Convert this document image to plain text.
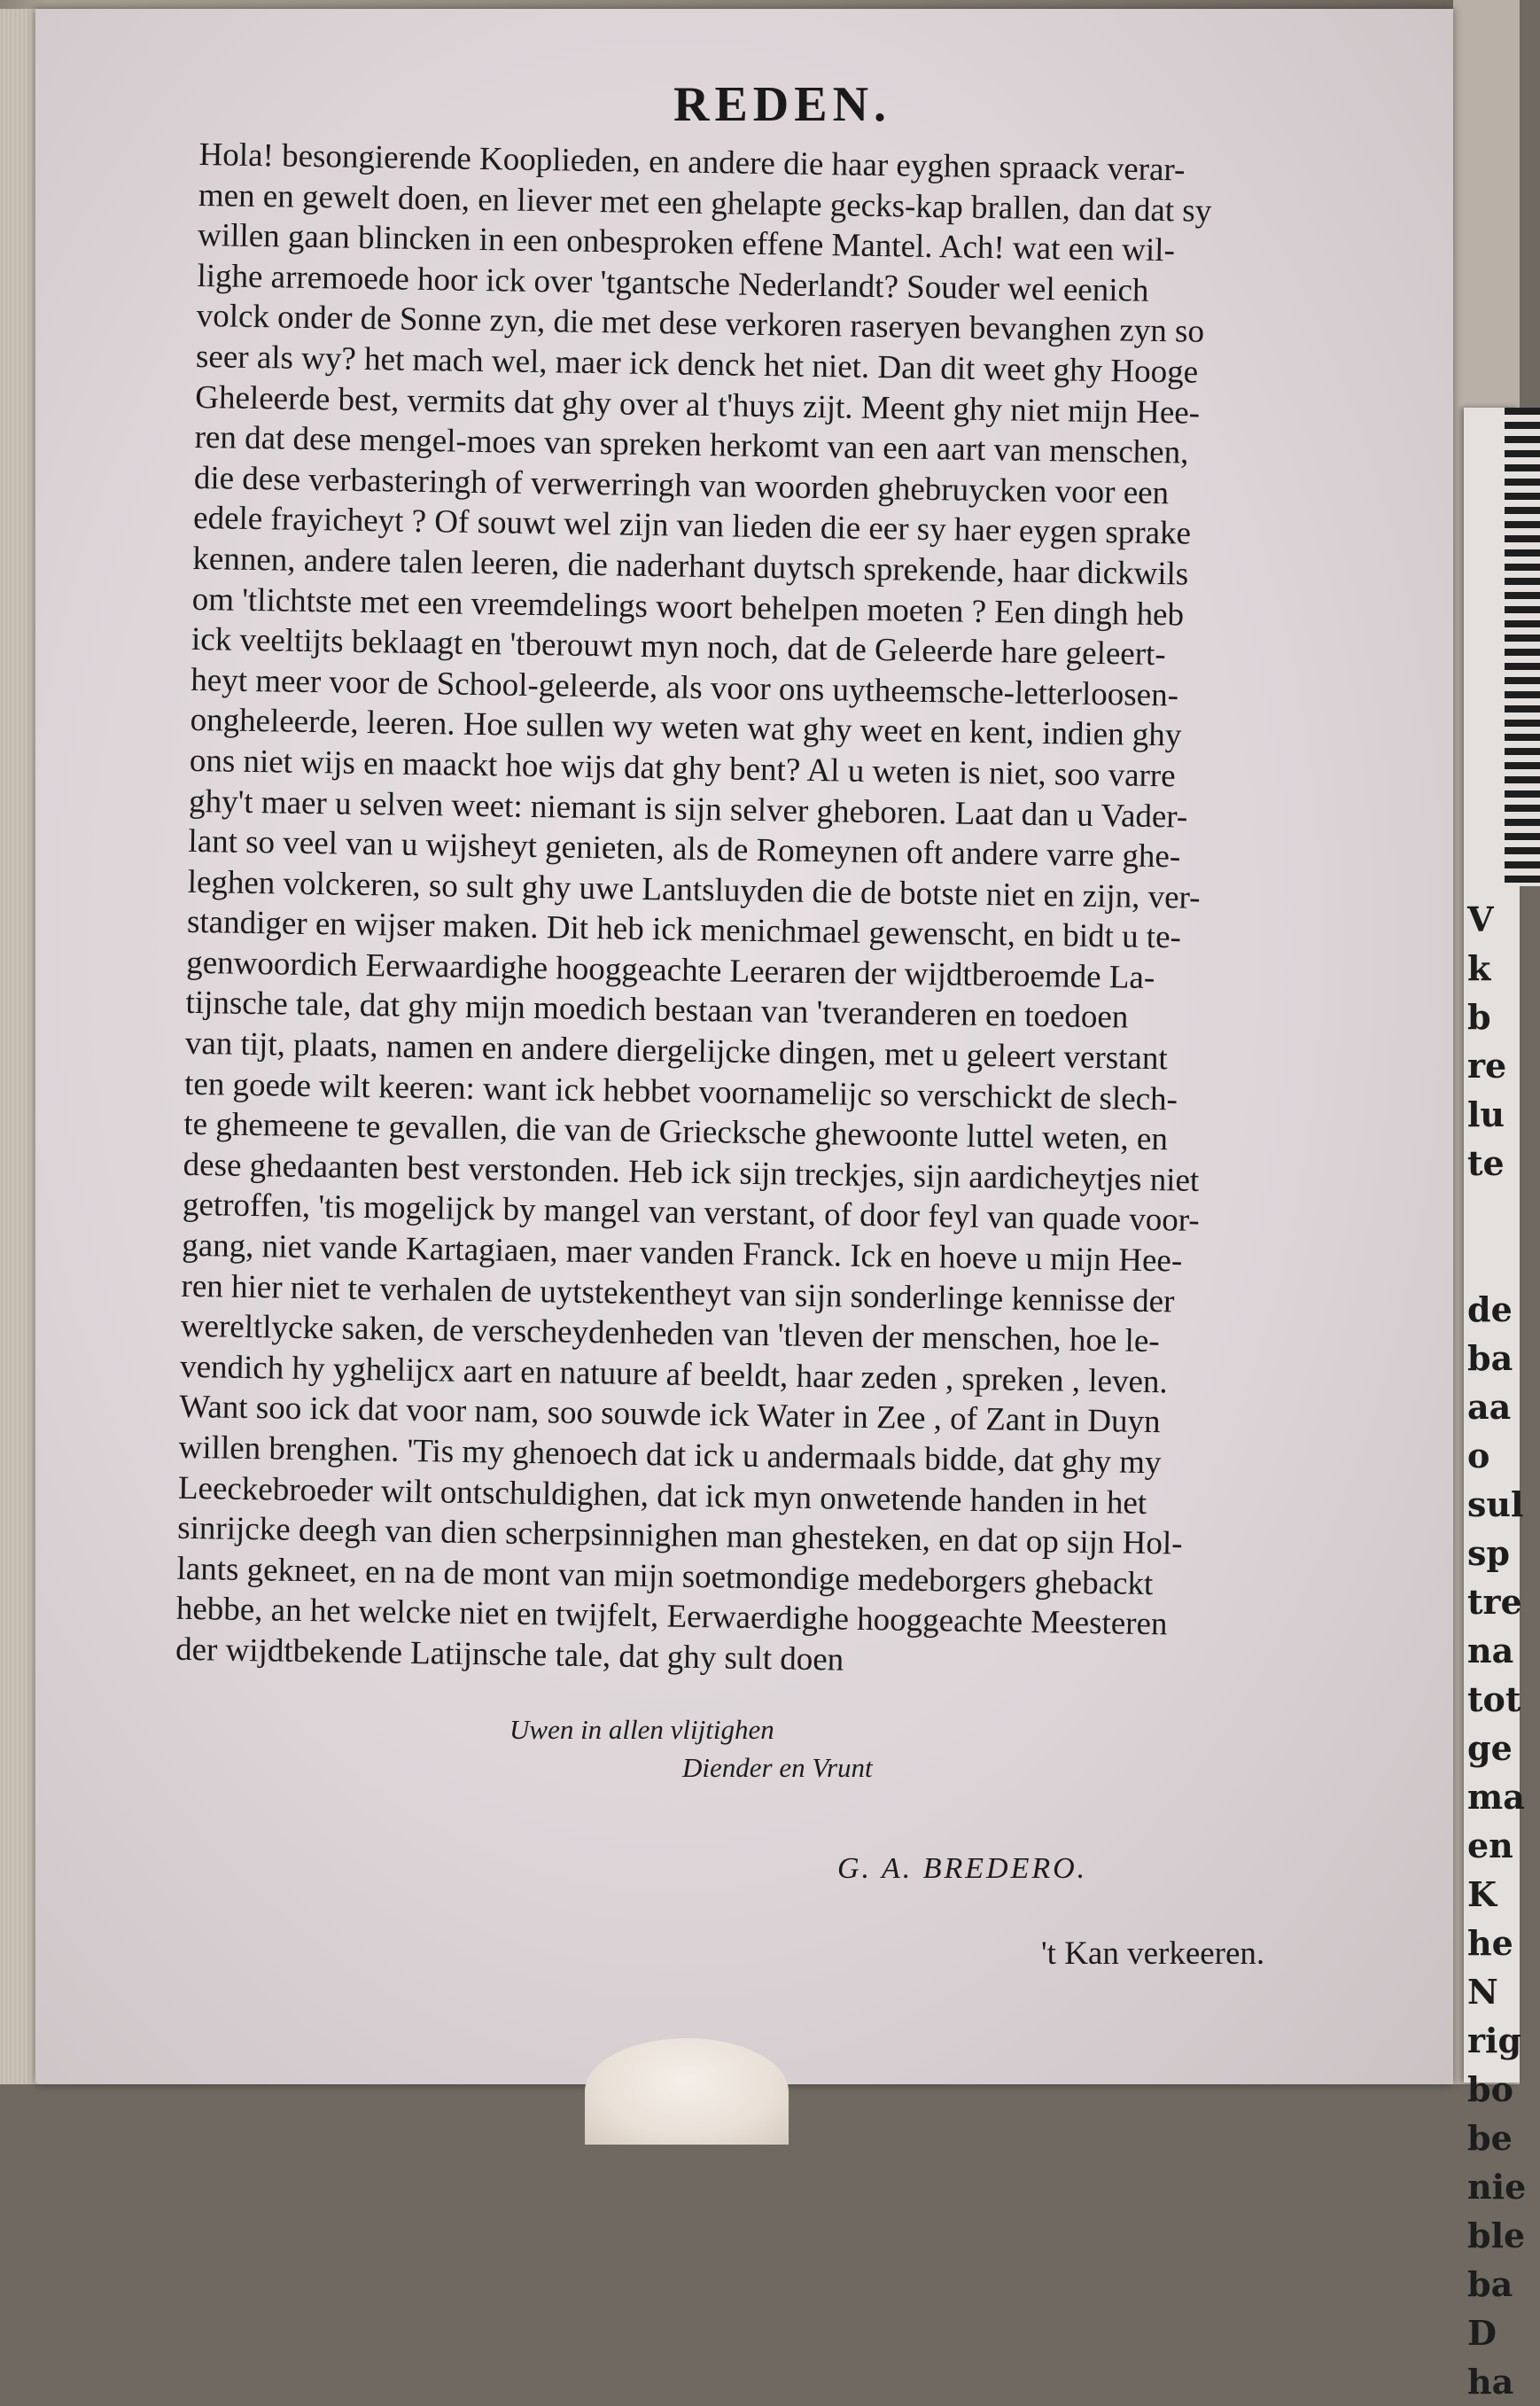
V
k
b
re
lu
te
de
ba
aa
o
sul
sp
tre
na
tot
ge
ma
en
K
he
N
rig
bo
be
nie
ble
ba
D
ha
REDEN.
Hola! besongierende Kooplieden, en andere die haar eyghen spraack verar-
men en gewelt doen, en liever met een ghelapte gecks-kap brallen, dan dat sy
willen gaan blincken in een onbesproken effene Mantel. Ach! wat een wil-
lighe arremoede hoor ick over 'tgantsche Nederlandt? Souder wel eenich
volck onder de Sonne zyn, die met dese verkoren raseryen bevanghen zyn so
seer als wy? het mach wel, maer ick denck het niet. Dan dit weet ghy Hooge
Gheleerde best, vermits dat ghy over al t'huys zijt. Meent ghy niet mijn Hee-
ren dat dese mengel-moes van spreken herkomt van een aart van menschen,
die dese verbasteringh of verwerringh van woorden ghebruycken voor een
edele frayicheyt ? Of souwt wel zijn van lieden die eer sy haer eygen sprake
kennen, andere talen leeren, die naderhant duytsch sprekende, haar dickwils
om 'tlichtste met een vreemdelings woort behelpen moeten ? Een dingh heb
ick veeltijts beklaagt en 'tberouwt myn noch, dat de Geleerde hare geleert-
heyt meer voor de School-geleerde, als voor ons uytheemsche-letterloosen-
ongheleerde, leeren. Hoe sullen wy weten wat ghy weet en kent, indien ghy
ons niet wijs en maackt hoe wijs dat ghy bent? Al u weten is niet, soo varre
ghy't maer u selven weet: niemant is sijn selver gheboren. Laat dan u Vader-
lant so veel van u wijsheyt genieten, als de Romeynen oft andere varre ghe-
leghen volckeren, so sult ghy uwe Lantsluyden die de botste niet en zijn, ver-
standiger en wijser maken. Dit heb ick menichmael gewenscht, en bidt u te-
genwoordich Eerwaardighe hooggeachte Leeraren der wijdtberoemde La-
tijnsche tale, dat ghy mijn moedich bestaan van 'tveranderen en toedoen
van tijt, plaats, namen en andere diergelijcke dingen, met u geleert verstant
ten goede wilt keeren: want ick hebbet voornamelijc so verschickt de slech-
te ghemeene te gevallen, die van de Griecksche ghewoonte luttel weten, en
dese ghedaanten best verstonden. Heb ick sijn treckjes, sijn aardicheytjes niet
getroffen, 'tis mogelijck by mangel van verstant, of door feyl van quade voor-
gang, niet vande Kartagiaen, maer vanden Franck. Ick en hoeve u mijn Hee-
ren hier niet te verhalen de uytstekentheyt van sijn sonderlinge kennisse der
wereltlycke saken, de verscheydenheden van 'tleven der menschen, hoe le-
vendich hy yghelijcx aart en natuure af beeldt, haar zeden , spreken , leven.
Want soo ick dat voor nam, soo souwde ick Water in Zee , of Zant in Duyn
willen brenghen. 'Tis my ghenoech dat ick u andermaals bidde, dat ghy my
Leeckebroeder wilt ontschuldighen, dat ick myn onwetende handen in het
sinrijcke deegh van dien scherpsinnighen man ghesteken, en dat op sijn Hol-
lants gekneet, en na de mont van mijn soetmondige medeborgers ghebackt
hebbe, an het welcke niet en twijfelt, Eerwaerdighe hooggeachte Meesteren
der wijdtbekende Latijnsche tale, dat ghy sult doen
Uwen in allen vlijtighen
Diender en Vrunt
G. A. BREDERO.
't Kan verkeeren.
